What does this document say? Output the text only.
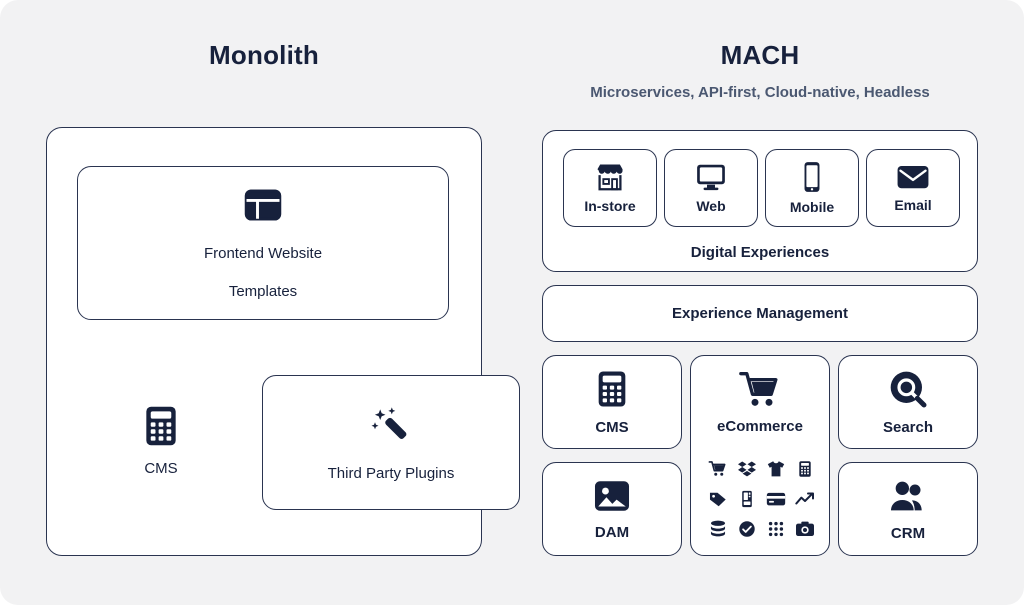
Monolith	MACH
Microservices, API-first, Cloud-native, Headless
Frontend Website
Templates
CMS	Third Party Plugins
In-store	Web	Mobile	Email
Digital Experiences
Experience Management
CMS
DAM
eCommerce	Search
CRM
